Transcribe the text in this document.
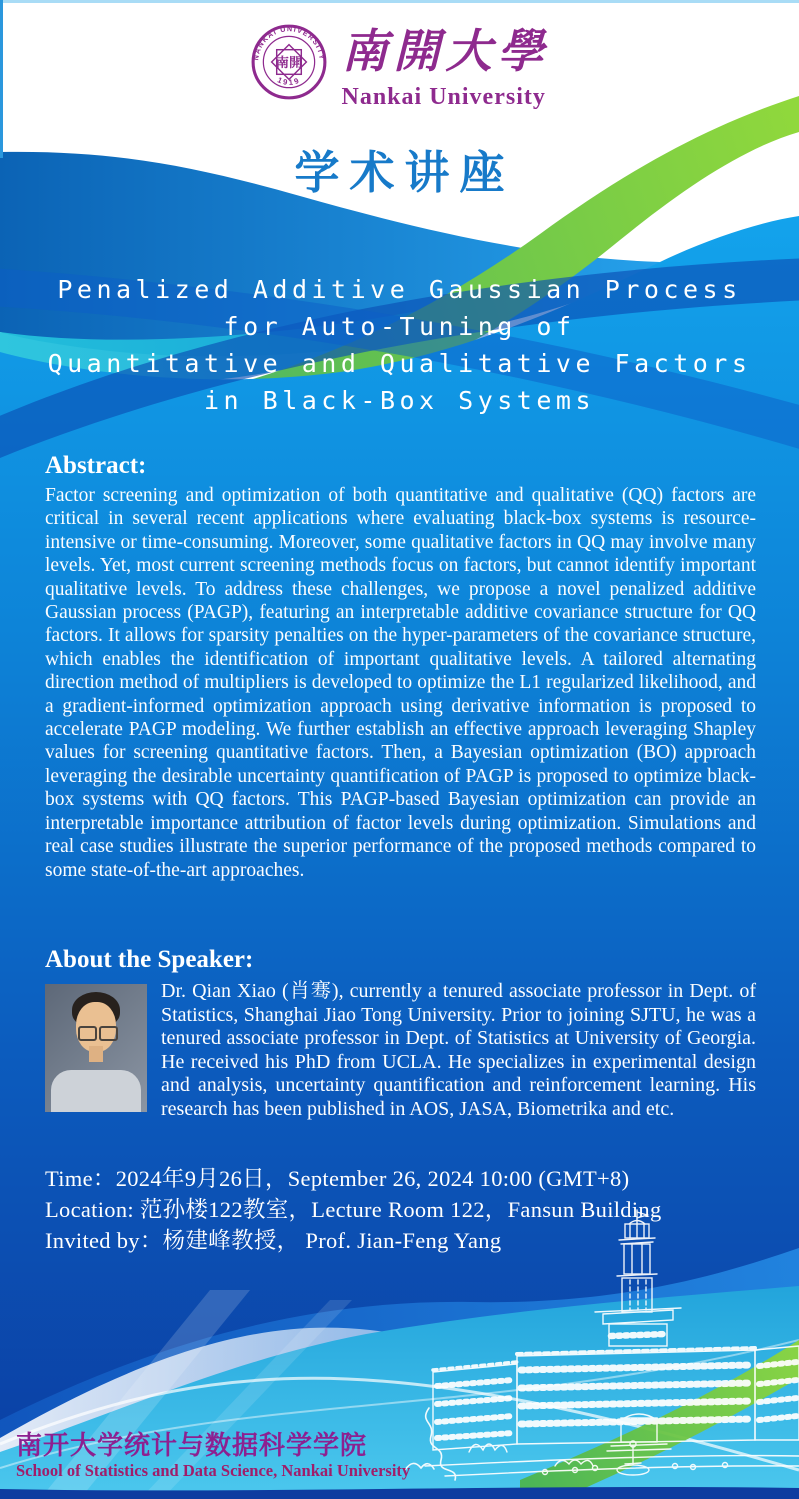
NANKAI UNIVERSITY
南開
1919
南開大學
Nankai University
学术讲座
Penalized Additive Gaussian Process
for Auto-Tuning of
Quantitative and Qualitative Factors
in Black-Box Systems
Abstract:

Factor screening and optimization of both quantitative and qualitative (QQ) factors are critical in several recent applications where evaluating black-box systems is resource-intensive or time-consuming. Moreover, some qualitative factors in QQ may involve many levels. Yet, most current screening methods focus on factors, but cannot identify important qualitative levels. To address these challenges, we propose a novel penalized additive Gaussian process (PAGP), featuring an interpretable additive covariance structure for QQ factors. It allows for sparsity penalties on the hyper-parameters of the covariance structure, which enables the identification of important qualitative levels. A tailored alternating direction method of multipliers is developed to optimize the L1 regularized likelihood, and a gradient-informed optimization approach using derivative information is proposed to accelerate PAGP modeling. We further establish an effective approach leveraging Shapley values for screening quantitative factors. Then, a Bayesian optimization (BO) approach leveraging the desirable uncertainty quantification of PAGP is proposed to optimize black-box systems with QQ factors. This PAGP-based Bayesian optimization can provide an interpretable importance attribution of factor levels during optimization. Simulations and real case studies illustrate the superior performance of the proposed methods compared to some state-of-the-art approaches.

About the Speaker:

Dr. Qian Xiao (肖骞), currently a tenured associate professor in Dept. of Statistics, Shanghai Jiao Tong University. Prior to joining SJTU, he was a tenured associate professor in Dept. of Statistics at University of Georgia. He received his PhD from UCLA. He specializes in experimental design and analysis, uncertainty quantification and reinforcement learning. His research has been published in AOS, JASA, Biometrika and etc.

Time：2024年9月26日，September 26, 2024 10:00 (GMT+8)
Location: 范孙楼122教室，Lecture Room 122，Fansun Building
Invited by：杨建峰教授， Prof. Jian-Feng Yang
南开大学统计与数据科学学院
School of Statistics and Data Science, Nankai University
